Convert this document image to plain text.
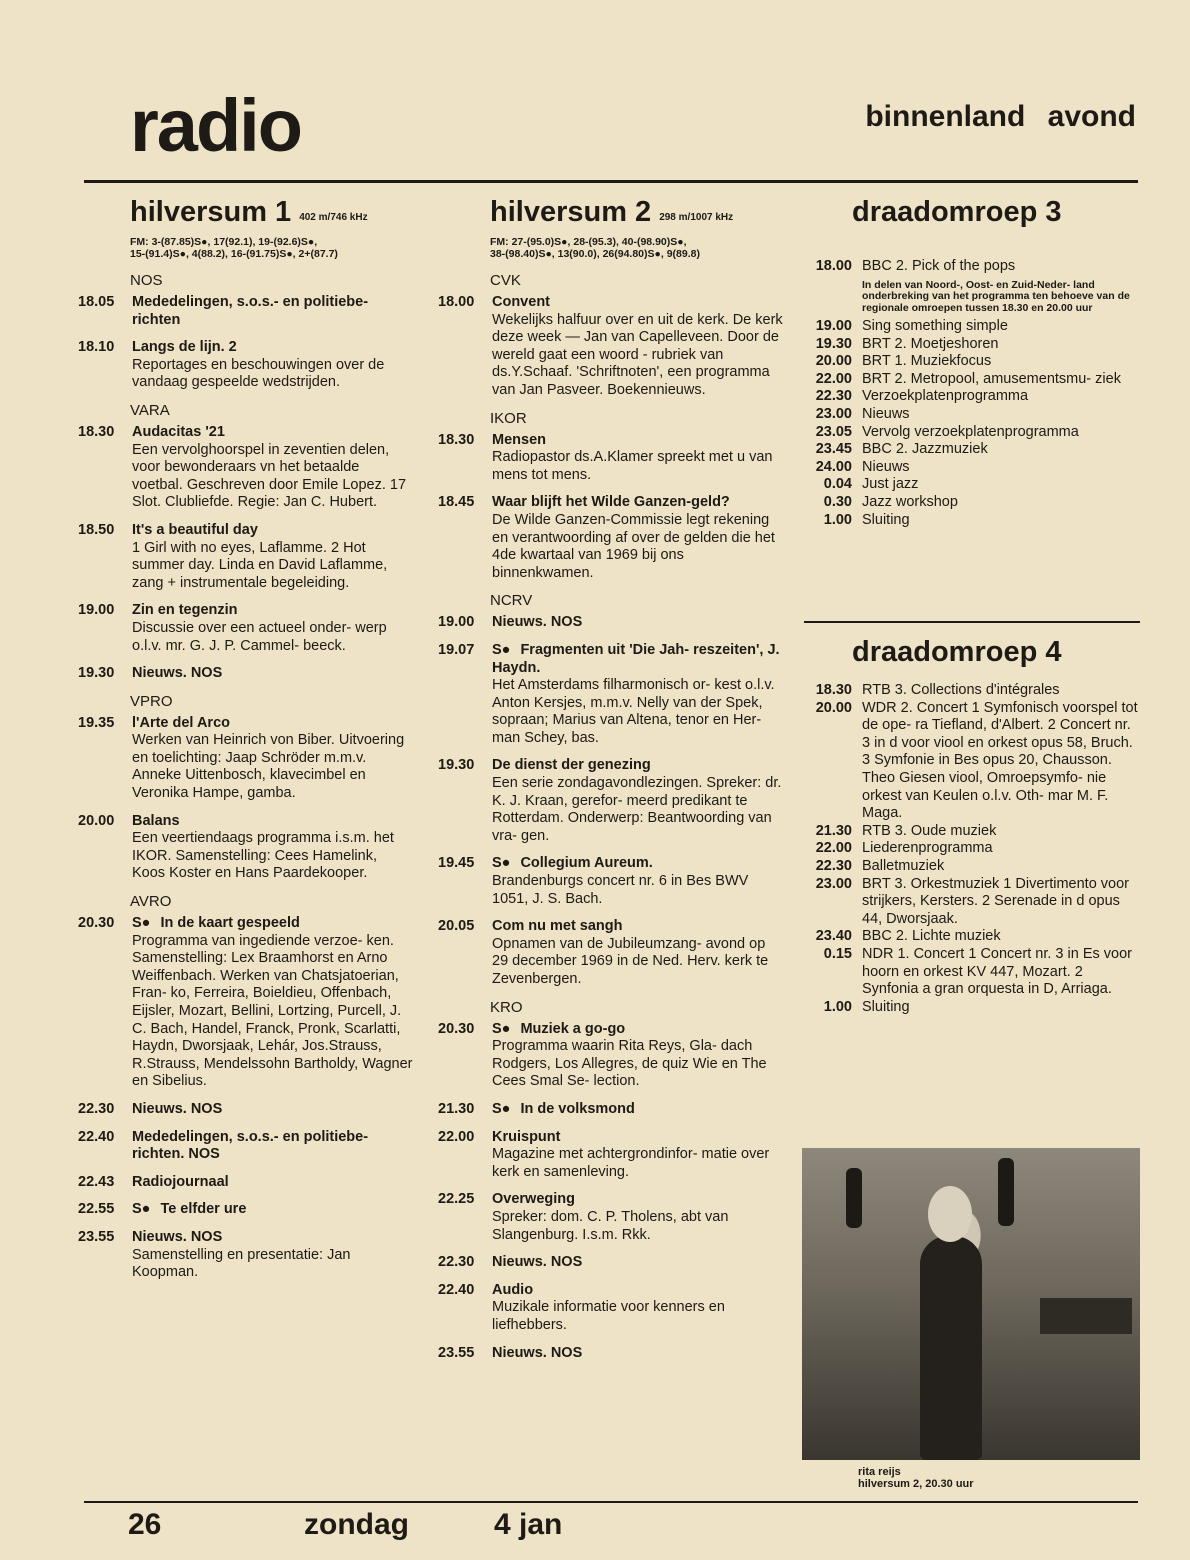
radio	binnenland avond
hilversum 1 $^{402 m/746 kHz}$
FM: 3-(87.85)S●, 17(92.1), 19-(92.6)S●,
15-(91.4)S●, 4(88.2), 16-(91.75)S●, 2+(87.7)
NOS
18.05	Mededelingen, s.o.s.- en politiebe- richten
18.10	Langs de lijn. 2
Reportages en beschouwingen over de vandaag gespeelde wedstrijden.
VARA
18.30	Audacitas '21
Een vervolghoorspel in zeventien delen, voor bewonderaars vn het betaalde voetbal. Geschreven door Emile Lopez. 17 Slot. Clubliefde. Regie: Jan C. Hubert.
18.50	It's a beautiful day
1 Girl with no eyes, Laflamme. 2 Hot summer day. Linda en David Laflamme, zang + instrumentale begeleiding.
19.00	Zin en tegenzin
Discussie over een actueel onder- werp o.l.v. mr. G. J. P. Cammel- beeck.
19.30	Nieuws. NOS
VPRO
19.35	l'Arte del Arco
Werken van Heinrich von Biber. Uitvoering en toelichting: Jaap Schröder m.m.v. Anneke Uittenbosch, klavecimbel en Veronika Hampe, gamba.
20.00	Balans
Een veertiendaags programma i.s.m. het IKOR. Samenstelling: Cees Hamelink, Koos Koster en Hans Paardekooper.
AVRO
20.30	S● In de kaart gespeeld
Programma van ingediende verzoe- ken. Samenstelling: Lex Braamhorst en Arno Weiffenbach. Werken van Chatsjatoerian, Fran- ko, Ferreira, Boieldieu, Offenbach, Eijsler, Mozart, Bellini, Lortzing, Purcell, J. C. Bach, Handel, Franck, Pronk, Scarlatti, Haydn, Dworsjaak, Lehár, Jos.Strauss, R.Strauss, Mendelssohn Bartholdy, Wagner en Sibelius.
22.30	Nieuws. NOS
22.40	Mededelingen, s.o.s.- en politiebe- richten. NOS
22.43	Radiojournaal
22.55	S● Te elfder ure
23.55	Nieuws. NOS
Samenstelling en presentatie: Jan Koopman.
hilversum 2 $^{298 m/1007 kHz}$
FM: 27-(95.0)S●, 28-(95.3), 40-(98.90)S●,
38-(98.40)S●, 13(90.0), 26(94.80)S●, 9(89.8)
CVK
18.00	Convent
Wekelijks halfuur over en uit de kerk. De kerk deze week — Jan van Capelleveen. Door de wereld gaat een woord - rubriek van ds.Y.Schaaf. 'Schriftnoten', een programma van Jan Pasveer. Boekennieuws.
IKOR
18.30	Mensen
Radiopastor ds.A.Klamer spreekt met u van mens tot mens.
18.45	Waar blijft het Wilde Ganzen-geld?
De Wilde Ganzen-Commissie legt rekening en verantwoording af over de gelden die het 4de kwartaal van 1969 bij ons binnenkwamen.
NCRV
19.00	Nieuws. NOS
19.07	S● Fragmenten uit 'Die Jah- reszeiten', J. Haydn.
Het Amsterdams filharmonisch or- kest o.l.v. Anton Kersjes, m.m.v. Nelly van der Spek, sopraan; Marius van Altena, tenor en Her- man Schey, bas.
19.30	De dienst der genezing
Een serie zondagavondlezingen. Spreker: dr. K. J. Kraan, gerefor- meerd predikant te Rotterdam. Onderwerp: Beantwoording van vra- gen.
19.45	S● Collegium Aureum.
Brandenburgs concert nr. 6 in Bes BWV 1051, J. S. Bach.
20.05	Com nu met sangh
Opnamen van de Jubileumzang- avond op 29 december 1969 in de Ned. Herv. kerk te Zevenbergen.
KRO
20.30	S● Muziek a go-go
Programma waarin Rita Reys, Gla- dach Rodgers, Los Allegres, de quiz Wie en The Cees Smal Se- lection.
21.30	S● In de volksmond
22.00	Kruispunt
Magazine met achtergrondinfor- matie over kerk en samenleving.
22.25	Overweging
Spreker: dom. C. P. Tholens, abt van Slangenburg. I.s.m. Rkk.
22.30	Nieuws. NOS
22.40	Audio
Muzikale informatie voor kenners en liefhebbers.
23.55	Nieuws. NOS
draadomroep 3
18.00 BBC 2. Pick of the pops
In delen van Noord-, Oost- en Zuid-Neder- land onderbreking van het programma ten behoeve van de regionale omroepen tussen 18.30 en 20.00 uur
19.00 Sing something simple
19.30 BRT 2. Moetjeshoren
20.00 BRT 1. Muziekfocus
22.00 BRT 2. Metropool, amusementsmu- ziek
22.30 Verzoekplatenprogramma
23.00 Nieuws
23.05 Vervolg verzoekplatenprogramma
23.45 BBC 2. Jazzmuziek
24.00 Nieuws
0.04 Just jazz
0.30 Jazz workshop
1.00 Sluiting
draadomroep 4
18.30 RTB 3. Collections d'intégrales
20.00 WDR 2. Concert 1 Symfonisch voorspel tot de ope- ra Tiefland, d'Albert. 2 Concert nr. 3 in d voor viool en orkest opus 58, Bruch. 3 Symfonie in Bes opus 20, Chausson. Theo Giesen viool, Omroepsymfo- nie orkest van Keulen o.l.v. Oth- mar M. F. Maga.
21.30 RTB 3. Oude muziek
22.00 Liederenprogramma
22.30 Balletmuziek
23.00 BRT 3. Orkestmuziek 1 Divertimento voor strijkers, Kersters. 2 Serenade in d opus 44, Dworsjaak.
23.40 BBC 2. Lichte muziek
0.15 NDR 1. Concert 1 Concert nr. 3 in Es voor hoorn en orkest KV 447, Mozart. 2 Synfonia a gran orquesta in D, Arriaga.
1.00 Sluiting
rita reijs
hilversum 2, 20.30 uur
26	zondag	4 jan
